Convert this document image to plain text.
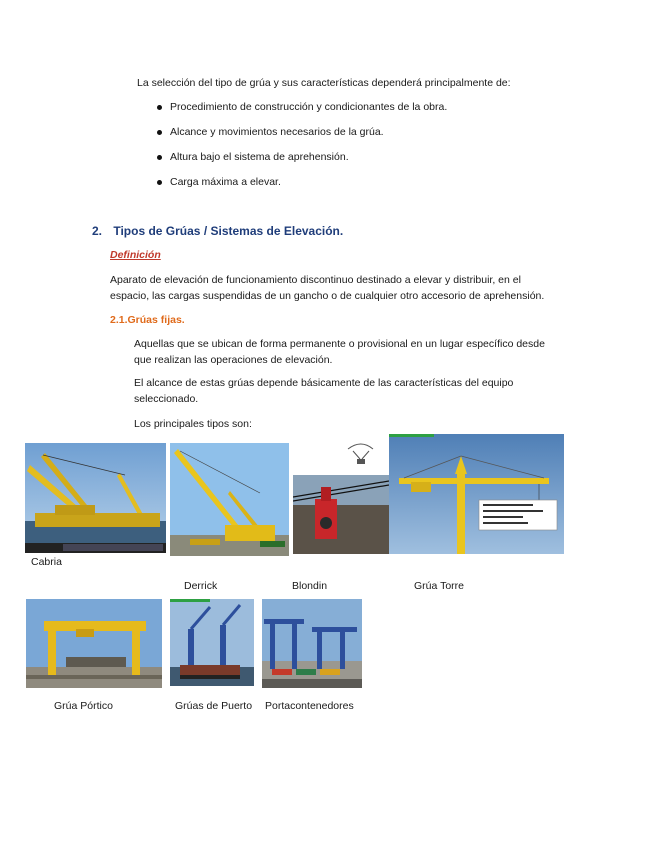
La selección del tipo de grúa y sus características dependerá principalmente de:
Procedimiento de construcción y condicionantes de la obra.
Alcance y movimientos necesarios de la grúa.
Altura bajo el sistema de aprehensión.
Carga máxima a elevar.
2. Tipos de Grúas / Sistemas de Elevación.
Definición
Aparato de elevación de funcionamiento discontinuo destinado a elevar y distribuir, en el espacio, las cargas suspendidas de un gancho o de cualquier otro accesorio de aprehensión.
2.1.Grúas fijas.
Aquellas que se ubican de forma permanente o provisional en un lugar específico desde que realizan las operaciones de elevación.
El alcance de estas grúas depende básicamente de las características del equipo seleccionado.
Los principales tipos son:
Cabria
Derrick	Blondin	Grúa Torre
Grúa Pórtico	Grúas de Puerto Portacontenedores
